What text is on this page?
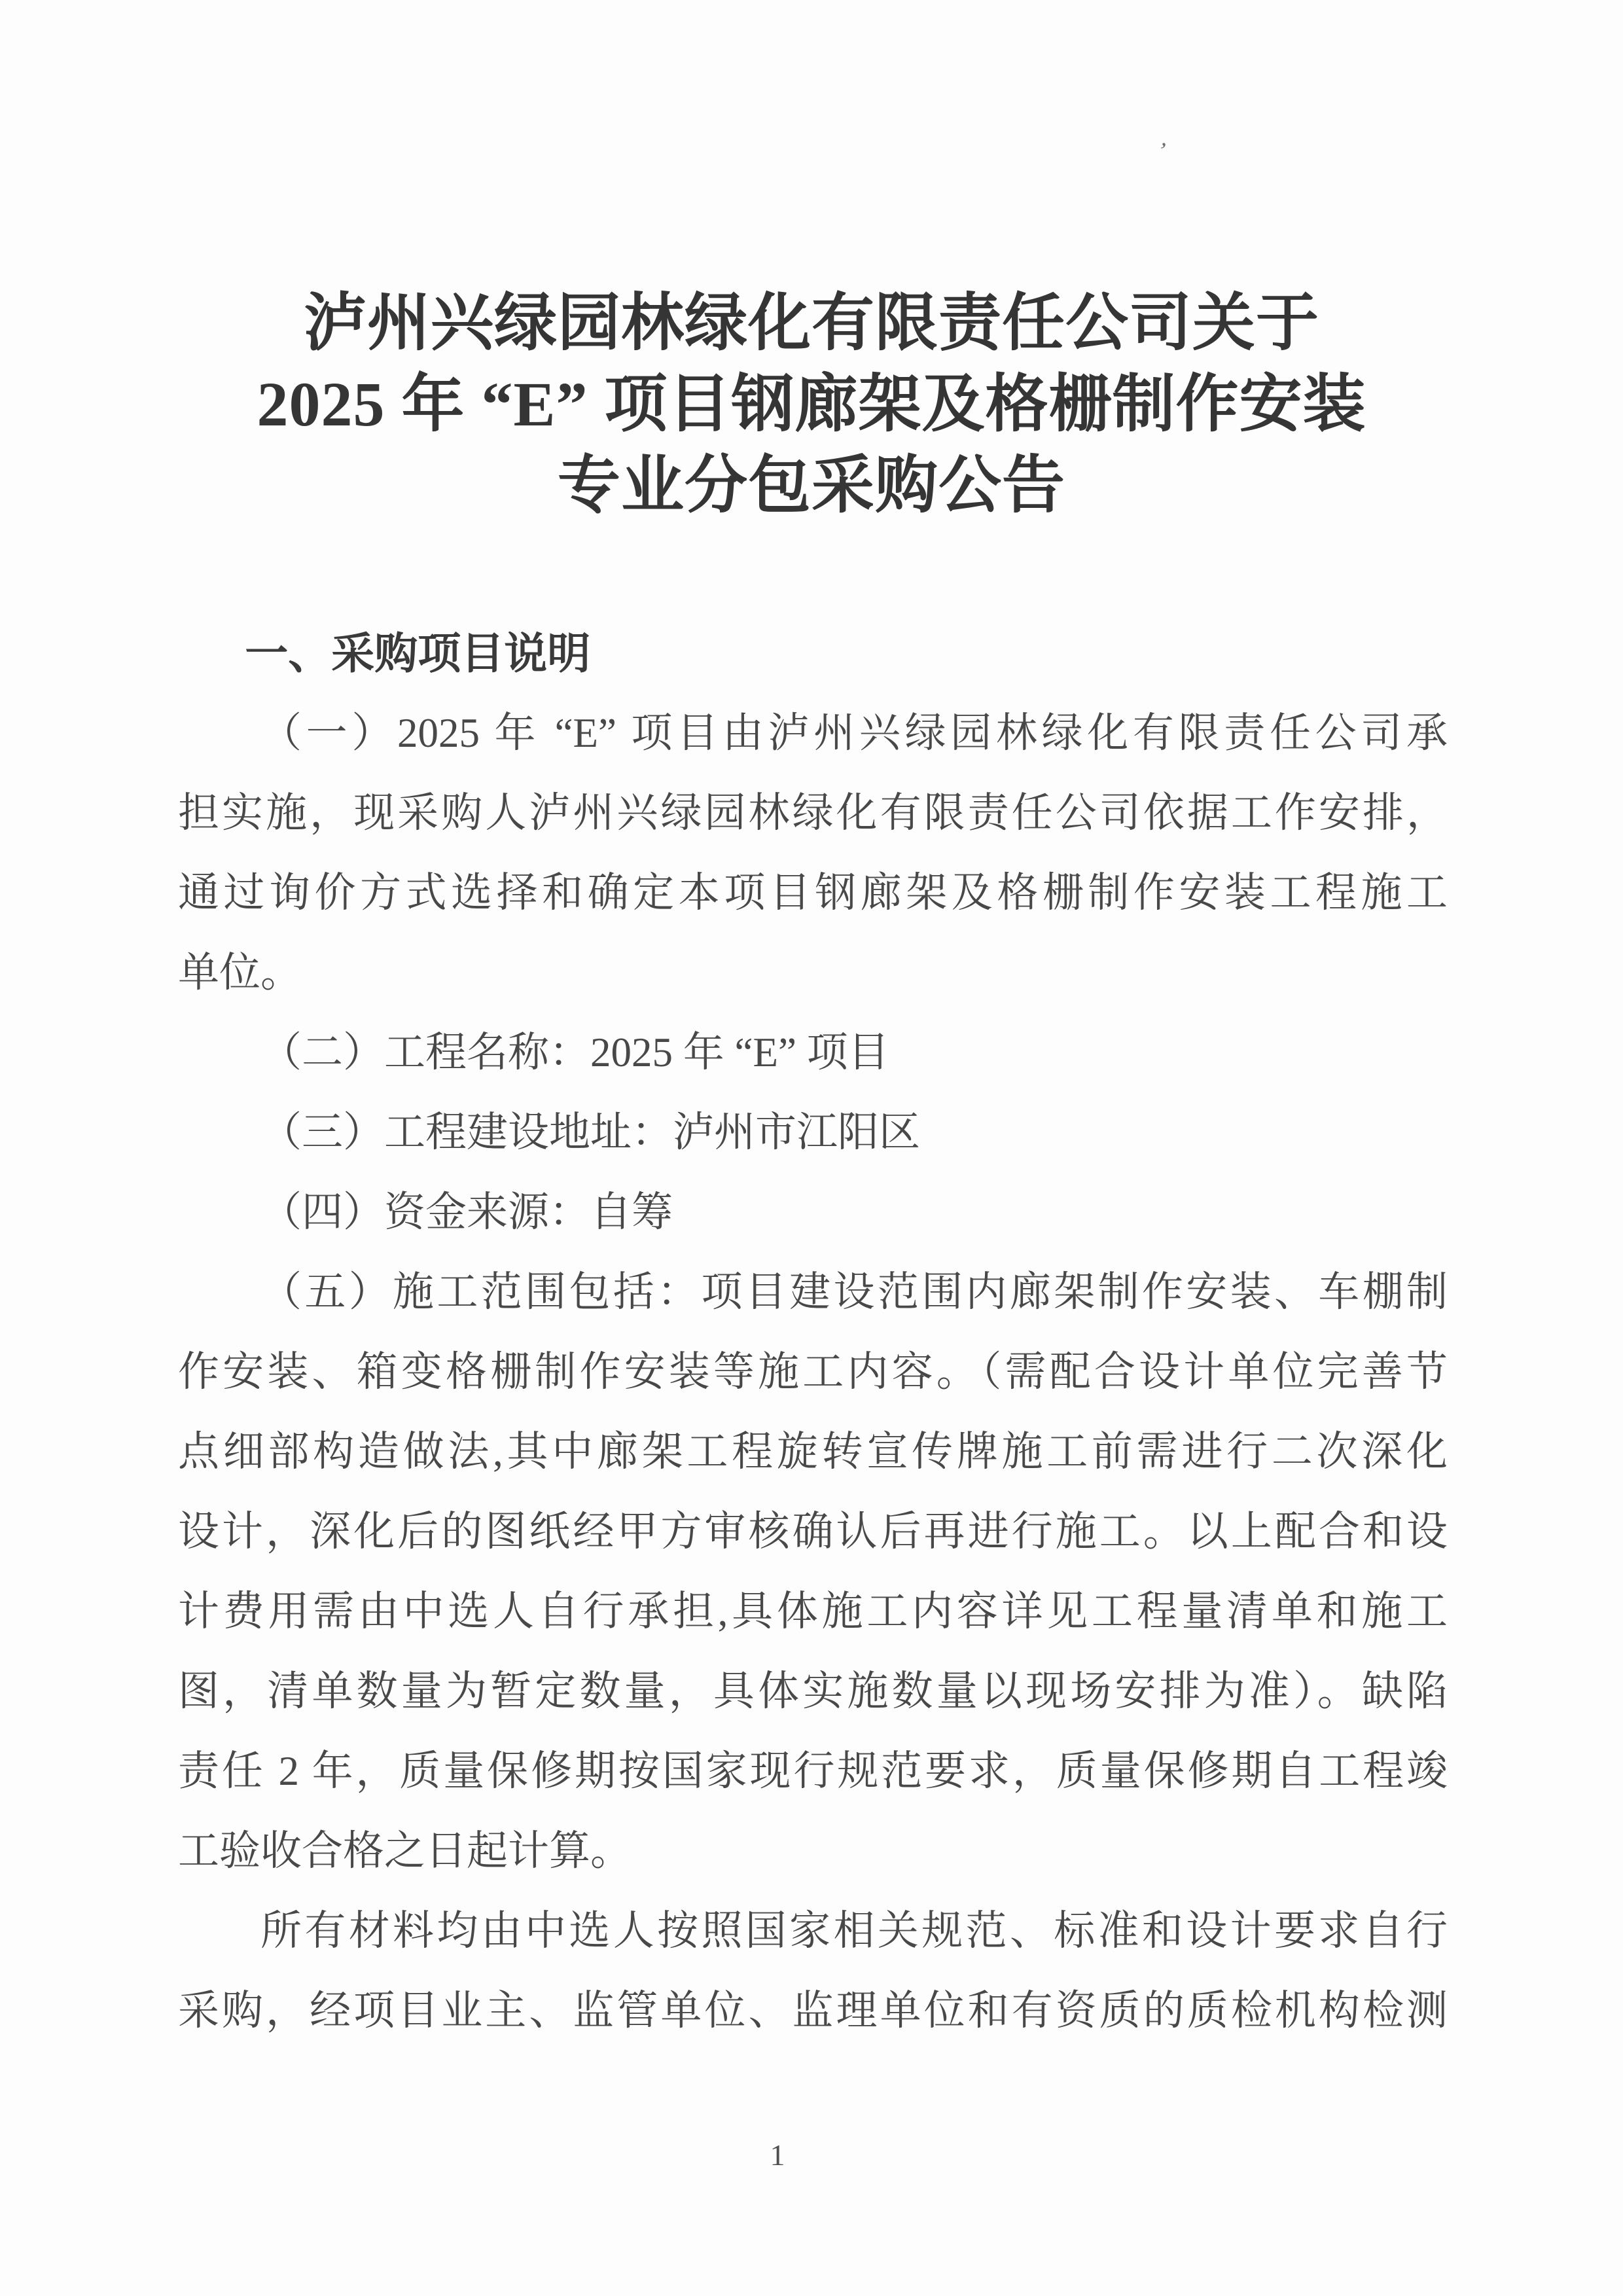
’
泸州兴绿园林绿化有限责任公司关于
2025 年 “E” 项目钢廊架及格栅制作安装
专业分包采购公告
一、采购项目说明
（一）2025 年 “E” 项目由泸州兴绿园林绿化有限责任公司承
担实施，现采购人泸州兴绿园林绿化有限责任公司依据工作安排，
通过询价方式选择和确定本项目钢廊架及格栅制作安装工程施工
单位。
（二）工程名称：2025 年 “E” 项目
（三）工程建设地址：泸州市江阳区
（四）资金来源：自筹
（五）施工范围包括：项目建设范围内廊架制作安装、车棚制
作安装、箱变格栅制作安装等施工内容。（需配合设计单位完善节
点细部构造做法,其中廊架工程旋转宣传牌施工前需进行二次深化
设计，深化后的图纸经甲方审核确认后再进行施工。以上配合和设
计费用需由中选人自行承担,具体施工内容详见工程量清单和施工
图，清单数量为暂定数量，具体实施数量以现场安排为准）。缺陷
责任 2 年，质量保修期按国家现行规范要求，质量保修期自工程竣
工验收合格之日起计算。
所有材料均由中选人按照国家相关规范、标准和设计要求自行
采购，经项目业主、监管单位、监理单位和有资质的质检机构检测
1
